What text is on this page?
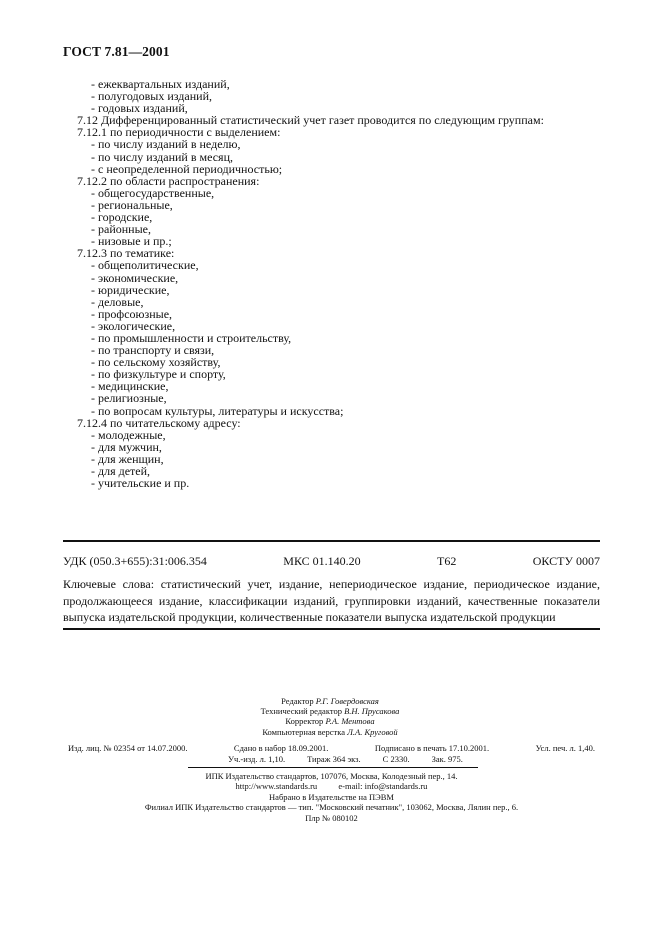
ГОСТ 7.81—2001
- ежеквартальных изданий,
- полугодовых изданий,
- годовых изданий,
7.12 Дифференцированный статистический учет газет проводится по следующим группам:
7.12.1 по периодичности с выделением:
- по числу изданий в неделю,
- по числу изданий в месяц,
- с неопределенной периодичностью;
7.12.2 по области распространения:
- общегосударственные,
- региональные,
- городские,
- районные,
- низовые и пр.;
7.12.3 по тематике:
- общеполитические,
- экономические,
- юридические,
- деловые,
- профсоюзные,
- экологические,
- по промышленности и строительству,
- по транспорту и связи,
- по сельскому хозяйству,
- по физкультуре и спорту,
- медицинские,
- религиозные,
- по вопросам культуры, литературы и искусства;
7.12.4 по читательскому адресу:
- молодежные,
- для мужчин,
- для женщин,
- для детей,
- учительские и пр.
УДК (050.3+655):31:006.354	МКС 01.140.20	Т62	ОКСТУ 0007
Ключевые слова: статистический учет, издание, непериодическое издание, периодическое издание, продолжающееся издание, классификации изданий, группировки изданий, качественные показатели выпуска издательской продукции, количественные показатели выпуска издательской продукции
Редактор Р.Г. Говердовская
Технический редактор В.Н. Прусакова
Корректор Р.А. Ментова
Компьютерная верстка Л.А. Круговой
Изд. лиц. № 02354 от 14.07.2000.	Сдано в набор 18.09.2001.	Подписано в печать 17.10.2001.	Усл. печ. л. 1,40.
Уч.-изд. л. 1,10.	Тираж 364 экз.	С 2330.	Зак. 975.
ИПК Издательство стандартов, 107076, Москва, Колодезный пер., 14.
http://www.standards.ru          e-mail: info@standards.ru
Набрано в Издательстве на ПЭВМ
Филиал ИПК Издательство стандартов — тип. "Московский печатник", 103062, Москва, Лялин пер., 6.
Плр № 080102
